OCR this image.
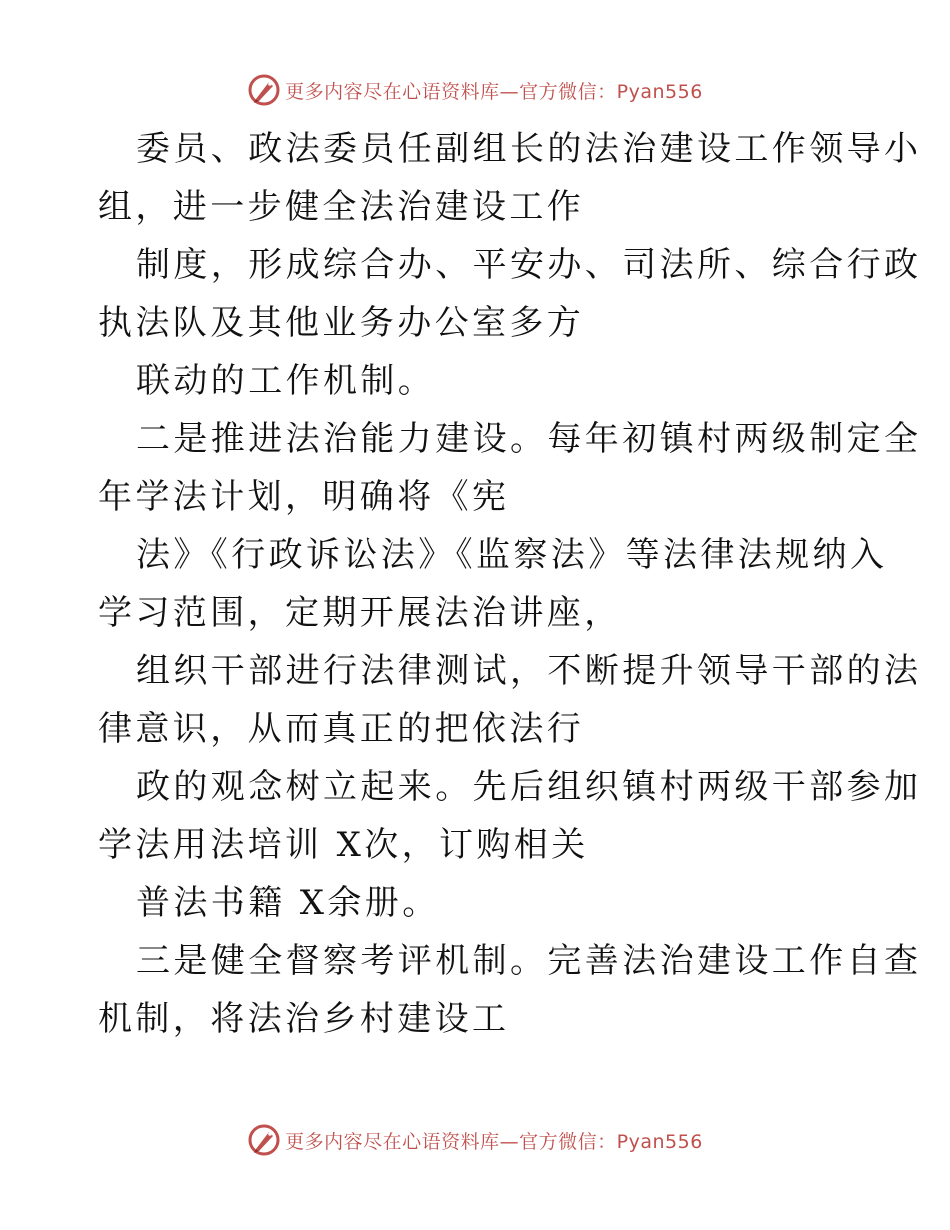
更多内容尽在心语资料库—官方微信：Pyan556
委员、政法委员任副组长的法治建设工作领导小
组，进一步健全法治建设工作
制度，形成综合办、平安办、司法所、综合行政
执法队及其他业务办公室多方
联动的工作机制。
二是推进法治能力建设。每年初镇村两级制定全
年学法计划，明确将《宪
法》《行政诉讼法》《监察法》等法律法规纳入
学习范围，定期开展法治讲座，
组织干部进行法律测试，不断提升领导干部的法
律意识，从而真正的把依法行
政的观念树立起来。先后组织镇村两级干部参加
学法用法培训 X次，订购相关
普法书籍 X余册。
三是健全督察考评机制。完善法治建设工作自查
机制，将法治乡村建设工
更多内容尽在心语资料库—官方微信：Pyan556
